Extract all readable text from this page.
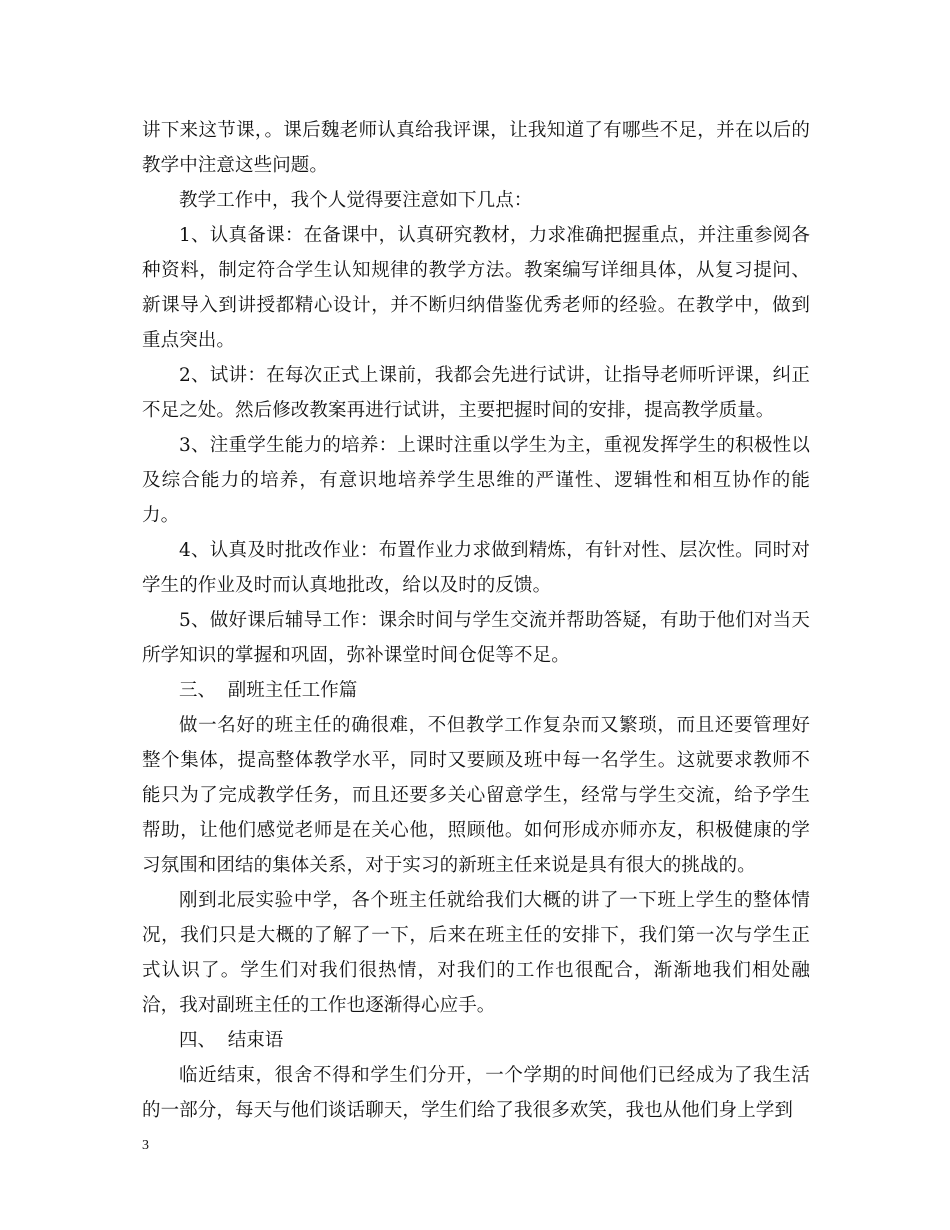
讲下来这节课，。课后魏老师认真给我评课，让我知道了有哪些不足，并在以后的教学中注意这些问题。

教学工作中，我个人觉得要注意如下几点：

1、认真备课：在备课中，认真研究教材，力求准确把握重点，并注重参阅各种资料，制定符合学生认知规律的教学方法。教案编写详细具体，从复习提问、新课导入到讲授都精心设计，并不断归纳借鉴优秀老师的经验。在教学中，做到重点突出。

2、试讲：在每次正式上课前，我都会先进行试讲，让指导老师听评课，纠正不足之处。然后修改教案再进行试讲，主要把握时间的安排，提高教学质量。

3、注重学生能力的培养：上课时注重以学生为主，重视发挥学生的积极性以及综合能力的培养，有意识地培养学生思维的严谨性、逻辑性和相互协作的能力。

4、认真及时批改作业：布置作业力求做到精炼，有针对性、层次性。同时对学生的作业及时而认真地批改，给以及时的反馈。

5、做好课后辅导工作：课余时间与学生交流并帮助答疑，有助于他们对当天所学知识的掌握和巩固，弥补课堂时间仓促等不足。

三、  副班主任工作篇

做一名好的班主任的确很难，不但教学工作复杂而又繁琐，而且还要管理好整个集体，提高整体教学水平，同时又要顾及班中每一名学生。这就要求教师不能只为了完成教学任务，而且还要多关心留意学生，经常与学生交流，给予学生帮助，让他们感觉老师是在关心他，照顾他。如何形成亦师亦友，积极健康的学习氛围和团结的集体关系，对于实习的新班主任来说是具有很大的挑战的。

刚到北辰实验中学，各个班主任就给我们大概的讲了一下班上学生的整体情况，我们只是大概的了解了一下，后来在班主任的安排下，我们第一次与学生正式认识了。学生们对我们很热情，对我们的工作也很配合，渐渐地我们相处融洽，我对副班主任的工作也逐渐得心应手。

四、  结束语

临近结束，很舍不得和学生们分开，一个学期的时间他们已经成为了我生活的一部分，每天与他们谈话聊天，学生们给了我很多欢笑，我也从他们身上学到

3
